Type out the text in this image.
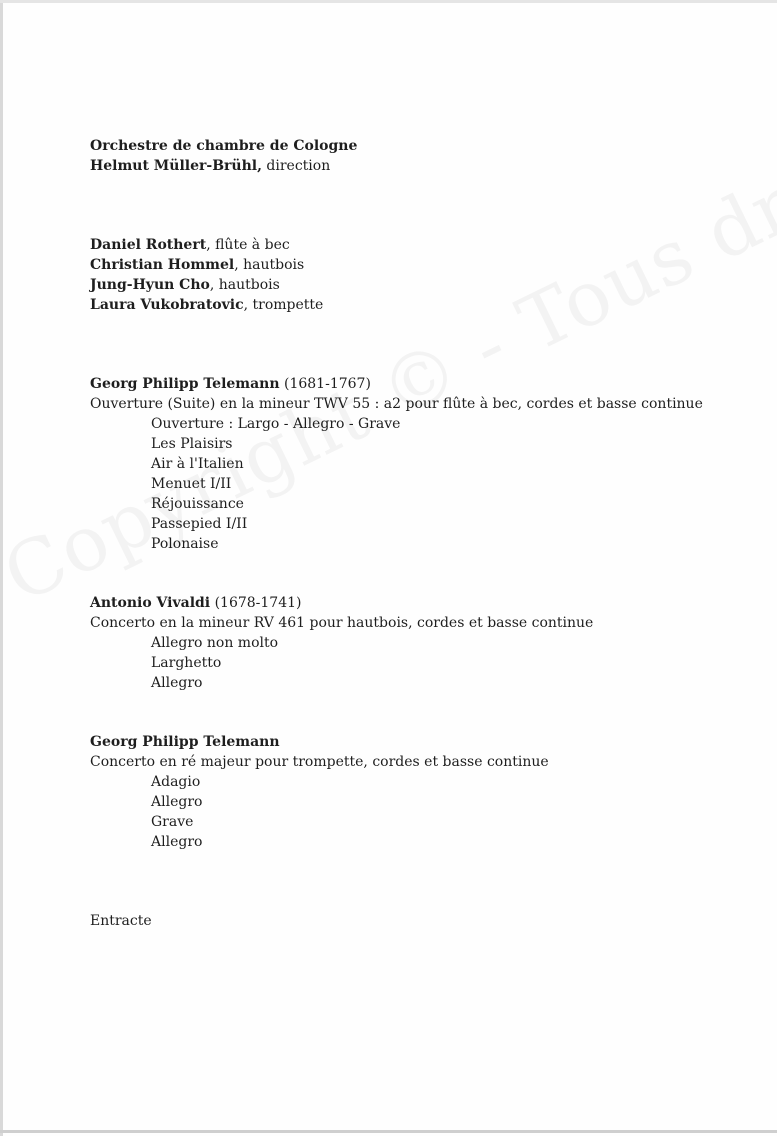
Orchestre de chambre de Cologne
Helmut Müller-Brühl, direction
Daniel Rothert, flûte à bec
Christian Hommel, hautbois
Jung-Hyun Cho, hautbois
Laura Vukobratovic, trompette
Georg Philipp Telemann (1681-1767)
Ouverture (Suite) en la mineur TWV 55 : a2 pour flûte à bec, cordes et basse continue
Ouverture : Largo - Allegro - Grave
Les Plaisirs
Air à l'Italien
Menuet I/II
Réjouissance
Passepied I/II
Polonaise
Antonio Vivaldi (1678-1741)
Concerto en la mineur RV 461 pour hautbois, cordes et basse continue
Allegro non molto
Larghetto
Allegro
Georg Philipp Telemann
Concerto en ré majeur pour trompette, cordes et basse continue
Adagio
Allegro
Grave
Allegro
Entracte
